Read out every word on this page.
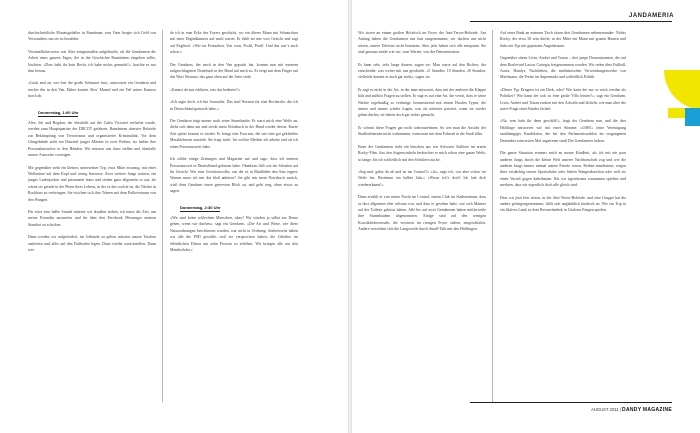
durchschnittliche Monatsgehälter in Rumänien, sein Vater borgte sich Geld von Verwandten, um sie zu bezahlen.

Verständlicherweise war Alex einigermaßen aufgebracht, als die Gendarmen die Arbeit eines ganzen Tages, der in die Geschichte Rumäniens eingehen sollte, löschten. »Dass habt ihr kein Recht, ich habe nichts gemacht!«, brachte es aus ihm heraus.

»Guck mal an, wer hier die große Schnauze hat«, antwortete ein Gendarm und steckte ihn in den Van. Daher konnte Alex’ Mantel und ein Teil seiner Kamera brach ab.

Donnerstag, 1:00 Uhr

Alex, Ich und Bogdan, der ebenfalls auf der Calea Victoriei verhaftet wurde, werden zum Hauptquartier der DIICOT gefahren, Rumäniens oberster Behörde zur Bekämpfung von Terrorismus und organisierter Kriminalität. Vor dem Glasgebäude steht ein Dutzend junger Männer in zwei Reihen, sie halten ihre Personalausweise in den Händen. Wir müssen uns dazu stellen und ebenfalls unsere Ausweise vorzeigen.

Mir gegenüber steht ein kleiner, untersetzter Typ, etwa Mitte zwanzig, mit einer Wollmütze auf dem Kopf und wenig Interesse. Zwei weitere Jungs weinen, ein junger Ladenjacken und permanent leans und sieben ganz allgemein so aus, als wären sie gerade in der Phase ihres Lebens, in der es das coolste ist, die Nächte in Rockbars zu verbringen. Sie wischen sich ihre Tränen mit dem Pulloverraum von den Wangen.

Für etwa eine halbe Stunde müssen wir draußen stehen, ich nutze die Zeit, um meine Freundin anzurufen und ihr über den Facebook Messenger meinen Standort zu schicken.

Dann werden wir aufgefordert, ins Gebäude zu gehen, müssen unsere Taschen ausleeren und alles auf den Fußboden legen. Dann wieder zurückstellen. Dann wer-

de ich in eine Ecke des Foyers geschickt, wo ein älterer Mann mit Schnurrbart mit einer Digitalkamera auf mich wartet. Er fühlt sie mir vors Gesicht und sagt auf Englisch: »Wie im Fernsehen. Von vorn, Profil, Profil. Und das war’s auch schon.«

Der Gendarm, der mich in den Van gepackt hat, kommt nun mit meinem aufgeschlagenen Notizbuch in der Hand auf mich zu. Er zeigt mit dem Finger auf das Wort Neonazi, das ganz oben auf der Seite steht.

»Kannst du mir erklären, was das bedeutet?«

»Ich sagte doch, ich bin Journalist. Das sind Notizen für eine Recherche, die ich in Deutschland gemacht habe.«

Der Gendarm trägt immer noch seine Sturmhaube. Er starrt mich eine Weile an, dreht sich dann um und steckt mein Notizbuch in der Hand wieder davon. Kurze Zeit später kommt er wieder. Er bringt eine Frau mit, die wie eine gut gekleidete Musiklehrerin aussieht. Sie fragt mich, für welche Medien ich arbeite und ob ich einen Presseausweis habe.

Ich zählte einige Zeitungen und Magazine auf und sage, dass ich meinen Presseausweis in Deutschland gelassen habe. Obenbrau fällt wie ein Schatten auf ihr Gesicht. Wie eine Gewittenwolke, aus der es in Bindfäden den Satz regnet: Warum muss ich mir das bloß anhören? Sie gibt mir mein Notizbuch zurück, wirft dem Gendarm einen genervten Blick zu, und geht weg, ohne etwas zu sagen.

Donnerstag, 2:30 Uhr

»Wir sind keine schlechten Menschen, okay? Wir würden ja selbst zur Demo gehen, wenn wir dürften«, sagt ein Gendarm. »Die Art und Weise, wie diese Naturordnungen beschlossen wurden, war nicht in Ordnung. Andererseits haben wir alle die PSD gewählt, weil sie versprochen haben, die Gehälter im öffentlichen Dienst um zehn Prozent zu erhöhen. Wir kriegen alle nur den Mindestlohn.«

Wir sitzen an einem großen Holztisch im Foyer der Anti-Terror-Behörde. Am Anfang haben die Gendarmen uns hart rangenommen, wir durften uns nicht setzen, unsere Telefone nicht benutzen. Aber jetzt haben sich alle entspannt. Sie sind genauso müde wie wir, vom Warten, von der Demonstration.

Es kann sehr, sehr lange dauern, sagen sie. Man warte auf den Richter, der entscheidet, was weiter mit uns geschieht. »5 Stunden, 10 Stunden, 20 Stunden, vielleicht kommt er auch gar nicht«, sagen sie.

Er sagt es nicht in der Art, in der man antwortet, dass mit der anderen die Klappe hält und aufhört Fragen zu stellen. Er sagt es auf eine Art, die verrät, dass er seine Nächte regelmäßig so verbringt: herumsitzend mit einem Haufen Typen, die immer und immer wieder fragen, was als nächstes passiert, wann sie wieder gehen dürfen, sie hätten doch gar nichts gemacht.

Er scheint diese Fragen gar nicht wahrzunehmen. So wie man die Ansicht der Straßenlaternen nicht wahrnimmt, wenn man mit dem Fahrrad in die Stadt fährt.

Einer der Gendarmen sieht ein bisschen aus wie Sylvester Stallone im ersten Rocky-Film. Aus den Augenwinkeln beobachtet er mich schon eine ganze Weile, so lange, bis ich schließlich mit den Schultern zucke.

»Sag mal, gehst du ab und zu ins Control?« »Ja«, sage ich, »ist aber schon ‘ne Weile her. Bestimmt ein halbes Jahr.« »Wusst ich’s doch! Ich hab dich wiedererkannt!«

Dann erzählt er von seiner Nacht im Control, einem Club im Stadtzentrum, dass es dort allgemein eher seltsam war, und dass er gesehen habe, wie sich Männer auf der Toilette geküsst hätten. Alle bis auf zwei Gendarmen haben mittlerweile ihre Sturmhauben abgenommen. Einige sind auf den wenigen Korsokleidersesseln, die verstreut im riesigen Foyer stehen, eingeschlafen. Andere vertreiben sich die Langeweile durch Small-Talk mit den Häftlingen.

Auf einer Bank an meinem Tisch sitzen drei Gendarmen nebeneinander: Nichts Rocky, der etwa 50 sein dürfte, in der Mitte ein Mann mit grauen Haaren und links ein Typ mit geputzten Augenbrauen.

Gegenüber sitzen Liviu, Andrei und Traian – drei junge Demonstranten, die auf dem Boulevard Lascar Catargiu festgenommen wurden. Wir reden über Fußball, Autos, Handys, Nachtleben, die medizinischen Verwendungszwecke von Marihuana, die Preise im Supermarkt und schließlich Politik.

»Dieser Typ Dragnea ist ein Dieb, oder? Wie kann der nur so reich werden als Politiker? Wie kann der sich so eine große Villa leisten?«, sagt ein Gendarm. Liviu, Andrei und Traian zucken mit den Achseln und lächeln, wie man über die naive Frage eines Kindes lächelt.

»Na, wen habt ihr denn gewählt?«, fragt der Gendarm nun, und die drei Häftlinge antworten wie mit einer Stimme: »USR!« (eine Vereinigung unabhängiger Kandidaten, die bei den Parlamentswahlen im vergangenen Dezember zum ersten Mal angetreten sind) Die Gendarmen lachen.

Die ganze Situation erinnert mich an meine Kindheit, als ich mit ein paar anderen Jungs durch die kleine Welt unserer Nachbarschaft zog und wie die anderen Jungs immer einmal unsere Feinde waren, Reiben mindestens, wegen ihrer verdächtig teuren Sportschuhe oder frühen Wangenknochen oder weil sie einen Vorteil gegen dabeihatten. Bis wir irgendwann zusammen spielten und merkten, dass wir eigentlich doch alle gleich sind.

Dass wir jetzt hier sitzen, in der Anti-Terror-Behörde, und eine Gruppe hat die andere gefangengenommen, fühlt sich ungläublich kindisch an. Wie ein Trip in ein fiktives Land, in dem Revanchenbek in Uniform Fangen spielen.

JANDAMERIA
AUGUST 2011 | DANDY MAGAZINE
